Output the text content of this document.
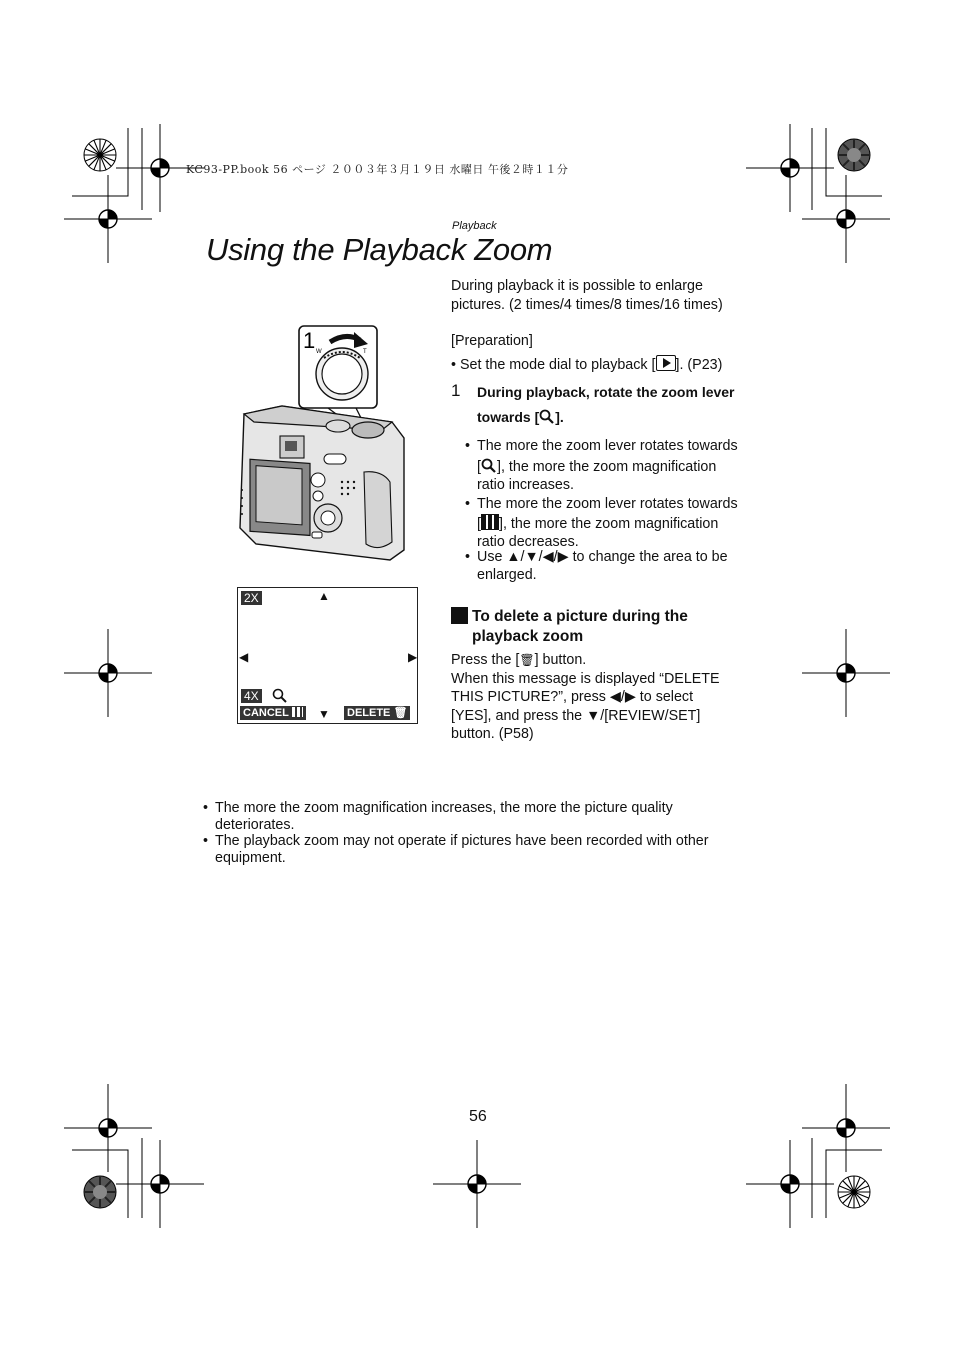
KC93-PP.book 56 ページ ２００３年３月１９日 水曜日 午後２時１１分
Playback
Using the Playback Zoom
1 W	T
2X	▲
◀	▶
4X
CANCEL	▼ DELETE 🗑
During playback it is possible to enlarge
pictures. (2 times/4 times/8 times/16 times)
[Preparation]
• Set the mode dial to playback [ ]. (P23)
1 During playback, rotate the zoom lever
towards [ ].
• The more the zoom lever rotates towards
[ ], the more the zoom magnification
ratio increases.
• The more the zoom lever rotates towards
[ ], the more the zoom magnification
ratio decreases.
• Use ▲/▼/◀/▶ to change the area to be
enlarged.
To delete a picture during the
playback zoom
Press the [🗑] button.
When this message is displayed “DELETE
THIS PICTURE?”, press ◀/▶ to select
[YES], and press the ▼/[REVIEW/SET]
button. (P58)
• The more the zoom magnification increases, the more the picture quality
deteriorates.
• The playback zoom may not operate if pictures have been recorded with other
equipment.
56
